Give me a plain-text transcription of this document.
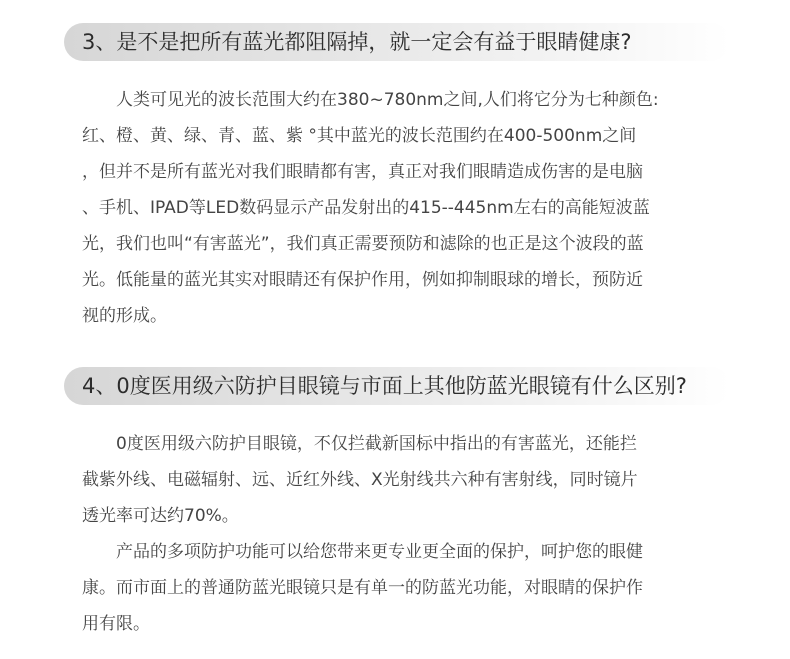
3、是不是把所有蓝光都阻隔掉，就一定会有益于眼睛健康?
人类可见光的波长范围大约在380~780nm之间,人们将它分为七种颜色:
红、橙、黄、绿、青、蓝、紫 °其中蓝光的波长范围约在400-500nm之间
，但并不是所有蓝光对我们眼睛都有害，真正对我们眼睛造成伤害的是电脑
、手机、IPAD等LED数码显示产品发射出的415--445nm左右的高能短波蓝
光，我们也叫“有害蓝光”，我们真正需要预防和滤除的也正是这个波段的蓝
光。低能量的蓝光其实对眼睛还有保护作用，例如抑制眼球的增长，预防近
视的形成。
4、0度医用级六防护目眼镜与市面上其他防蓝光眼镜有什么区别?
0度医用级六防护目眼镜，不仅拦截新国标中指出的有害蓝光，还能拦
截紫外线、电磁辐射、远、近红外线、X光射线共六种有害射线，同时镜片
透光率可达约70%。
产品的多项防护功能可以给您带来更专业更全面的保护，呵护您的眼健
康。而市面上的普通防蓝光眼镜只是有单一的防蓝光功能，对眼睛的保护作
用有限。
